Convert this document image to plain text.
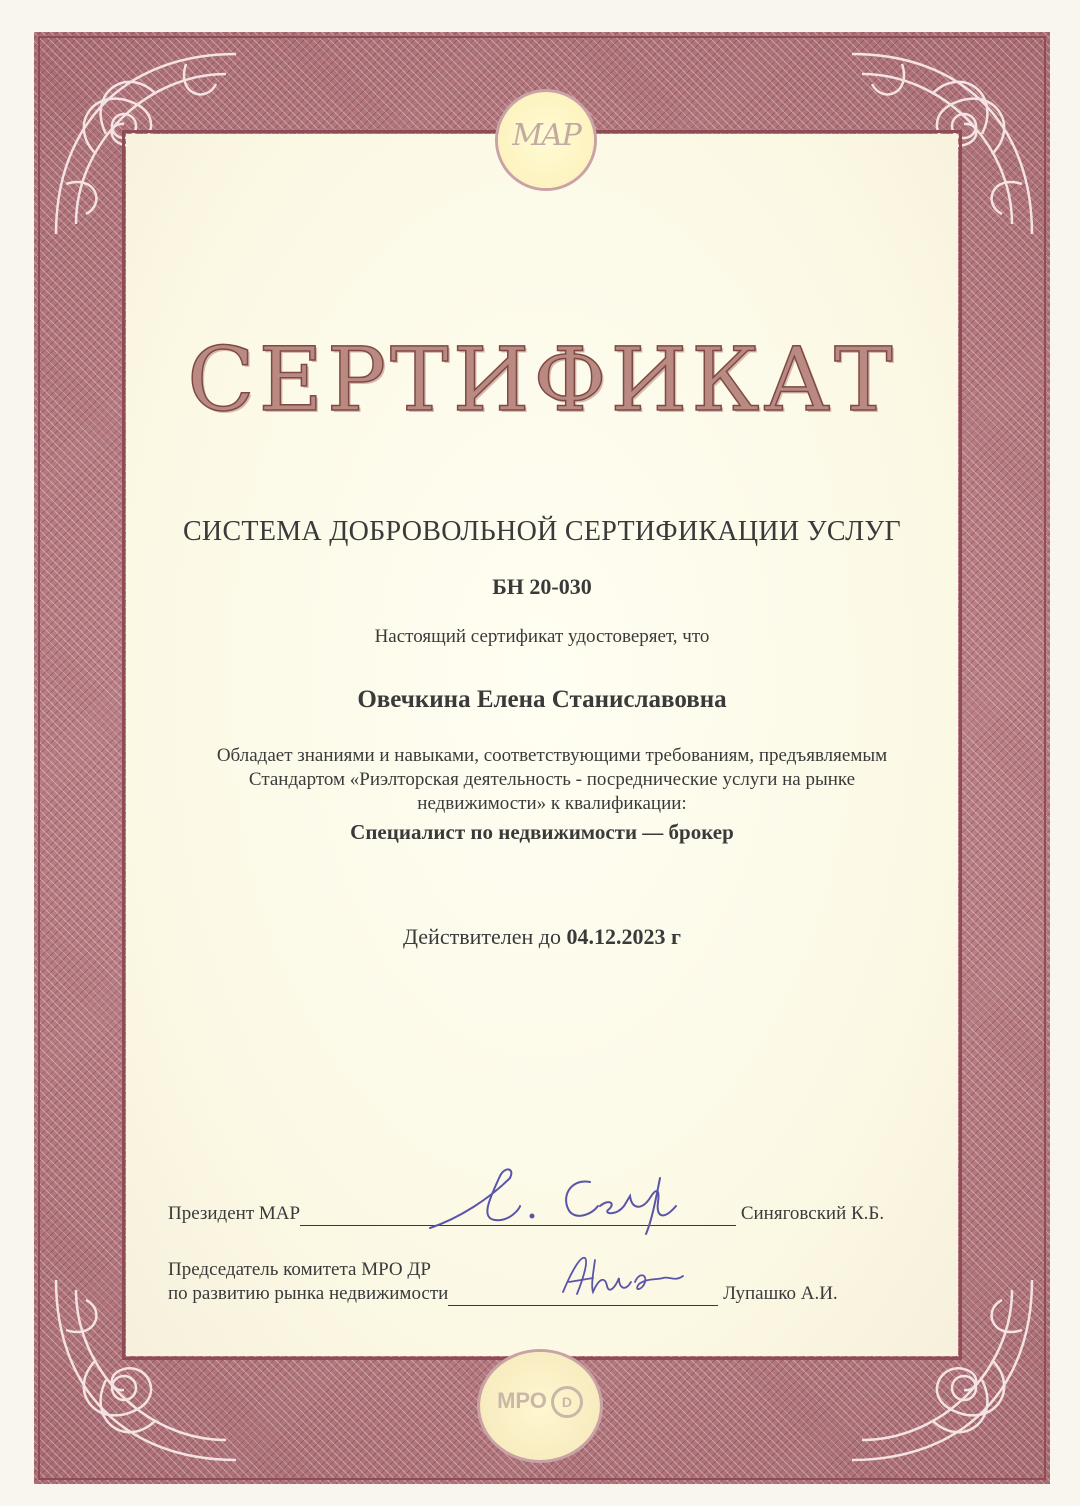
МАР
СЕРТИФИКАТ
СИСТЕМА ДОБРОВОЛЬНОЙ СЕРТИФИКАЦИИ УСЛУГ
БН 20-030
Настоящий сертификат удостоверяет, что
Овечкина Елена Станиславовна
Обладает знаниями и навыками, соответствующими требованиям, предъявляемым
Стандартом «Риэлторская деятельность - посреднические услуги на рынке
недвижимости» к квалификации:
Специалист по недвижимости — брокер
Действителен до 04.12.2023 г
Президент МАР	Синяговский К.Б.
Председатель комитета МРО ДР
по развитию рынка недвижимости	Лупашко А.И.
МРО D
